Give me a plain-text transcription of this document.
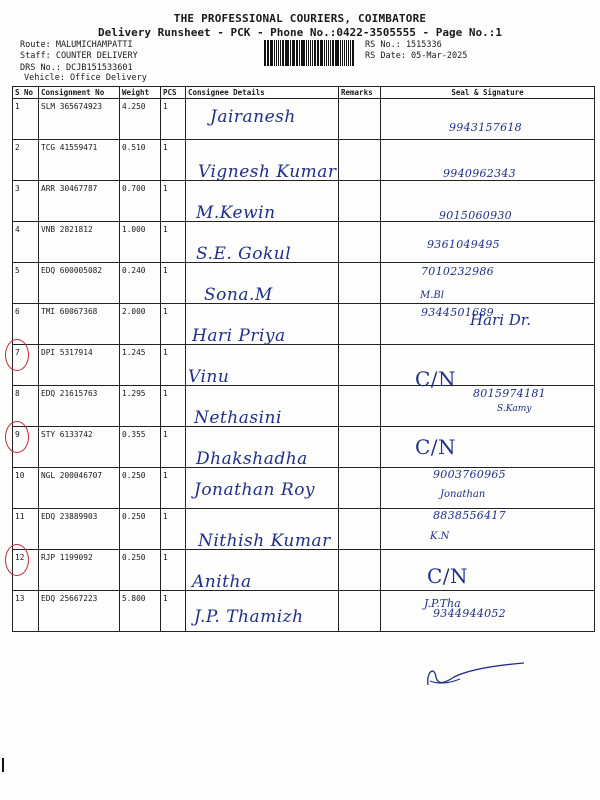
THE PROFESSIONAL COURIERS, COIMBATORE
Delivery Runsheet - PCK - Phone No.:0422-3505555 - Page No.:1
Route: MALUMICHAMPATTI
Staff: COUNTER DELIVERY
DRS No.: DCJB151533601
Vehicle: Office Delivery
RS No.: 1515336
RS Date: 05-Mar-2025
S No	Consignment No	Weight	PCS	Consignee Details	Remarks	Seal & Signature
1	SLM 365674923	4.250	1	Jairanesh		9943157618

2	TCG 41559471	0.510	1	Vignesh Kumar		9940962343

3	ARR 30467787	0.700	1	M.Kewin		9015060930

4	VNB 2821812	1.000	1	S.E. Gokul		9361049495

5	EDQ 600005082	0.240	1	Sona.M		7010232986

6	TMI 60067368	2.000	1	Hari Priya		9344501689

7	DPI 5317914	1.245	1	Vinu		C/N

8	EDQ 21615763	1.295	1	Nethasini		8015974181

9	STY 6133742	0.355	1	Dhakshadha		C/N

10	NGL 200046707	0.250	1	Jonathan Roy		9003760965

11	EDQ 23889903	0.250	1	Nithish Kumar		8838556417

12	RJP 1199092	0.250	1	Anitha		C/N

13	EDQ 25667223	5.800	1	J.P. Thamizh		9344944052
M.Bl
Hari Dr.
S.Kamy
Jonathan
K.N
J.P.Tha
